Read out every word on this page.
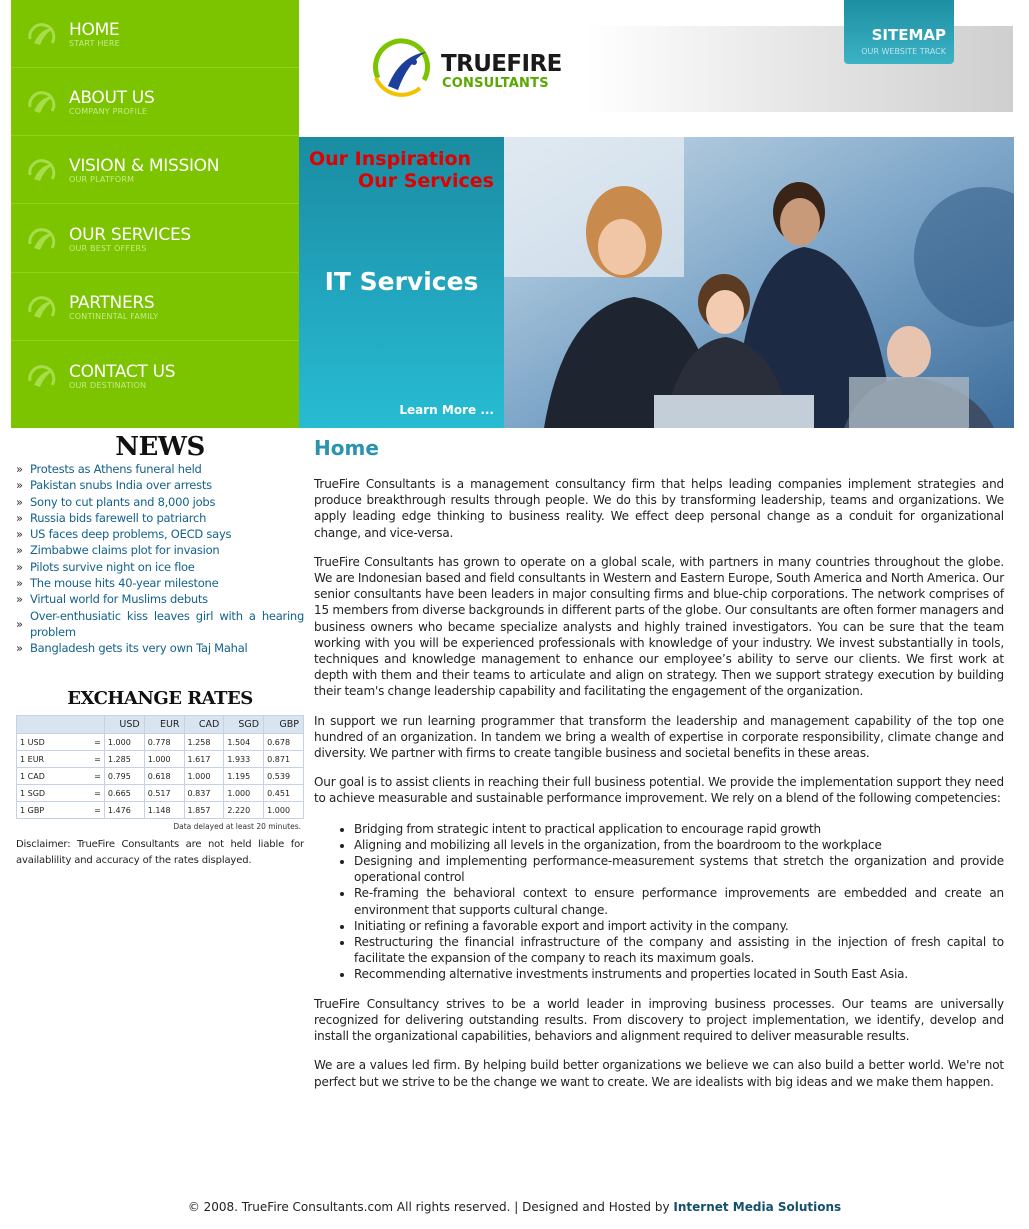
HOME
START HERE
ABOUT US
COMPANY PROFILE
VISION & MISSION
OUR PLATFORM
OUR SERVICES
OUR BEST OFFERS
PARTNERS
CONTINENTAL FAMILY
CONTACT US
OUR DESTINATION
TRUEFIRE
CONSULTANTS
SITEMAP
OUR WEBSITE TRACK
Our Inspiration
Our Services
IT Services
Learn More ...
NEWS
» Protests as Athens funeral held
» Pakistan snubs India over arrests
» Sony to cut plants and 8,000 jobs
» Russia bids farewell to patriarch
» US faces deep problems, OECD says
» Zimbabwe claims plot for invasion
» Pilots survive night on ice floe
» The mouse hits 40-year milestone
» Virtual world for Muslims debuts
» Over-enthusiatic kiss leaves girl with a hearing problem
» Bangladesh gets its very own Taj Mahal
EXCHANGE RATES
		USD	EUR	CAD	SGD	GBP
1 USD	=	1.000	0.778	1.258	1.504	0.678
1 EUR	=	1.285	1.000	1.617	1.933	0.871
1 CAD	=	0.795	0.618	1.000	1.195	0.539
1 SGD	=	0.665	0.517	0.837	1.000	0.451
1 GBP	=	1.476	1.148	1.857	2.220	1.000
Data delayed at least 20 minutes.
Disclaimer: TrueFire Consultants are not held liable for availablility and accuracy of the rates displayed.
Home

TrueFire Consultants is a management consultancy firm that helps leading companies implement strategies and produce breakthrough results through people. We do this by transforming leadership, teams and organizations. We apply leading edge thinking to business reality. We effect deep personal change as a conduit for organizational change, and vice-versa.

TrueFire Consultants has grown to operate on a global scale, with partners in many countries throughout the globe. We are Indonesian based and field consultants in Western and Eastern Europe, South America and North America. Our senior consultants have been leaders in major consulting firms and blue-chip corporations. The network comprises of 15 members from diverse backgrounds in different parts of the globe. Our consultants are often former managers and business owners who became specialize analysts and highly trained investigators. You can be sure that the team working with you will be experienced professionals with knowledge of your industry. We invest substantially in tools, techniques and knowledge management to enhance our employee’s ability to serve our clients. We first work at depth with them and their teams to articulate and align on strategy. Then we support strategy execution by building their team's change leadership capability and facilitating the engagement of the organization.

In support we run learning programmer that transform the leadership and management capability of the top one hundred of an organization. In tandem we bring a wealth of expertise in corporate responsibility, climate change and diversity. We partner with firms to create tangible business and societal benefits in these areas.

Our goal is to assist clients in reaching their full business potential. We provide the implementation support they need to achieve measurable and sustainable performance improvement. We rely on a blend of the following competencies:

• Bridging from strategic intent to practical application to encourage rapid growth
• Aligning and mobilizing all levels in the organization, from the boardroom to the workplace
• Designing and implementing performance-measurement systems that stretch the organization and provide operational control
• Re-framing the behavioral context to ensure performance improvements are embedded and create an environment that supports cultural change.
• Initiating or refining a favorable export and import activity in the company.
• Restructuring the financial infrastructure of the company and assisting in the injection of fresh capital to facilitate the expansion of the company to reach its maximum goals.
• Recommending alternative investments instruments and properties located in South East Asia.

TrueFire Consultancy strives to be a world leader in improving business processes. Our teams are universally recognized for delivering outstanding results. From discovery to project implementation, we identify, develop and install the organizational capabilities, behaviors and alignment required to deliver measurable results.

We are a values led firm. By helping build better organizations we believe we can also build a better world. We're not perfect but we strive to be the change we want to create. We are idealists with big ideas and we make them happen.

© 2008. TrueFire Consultants.com All rights reserved. | Designed and Hosted by Internet Media Solutions
